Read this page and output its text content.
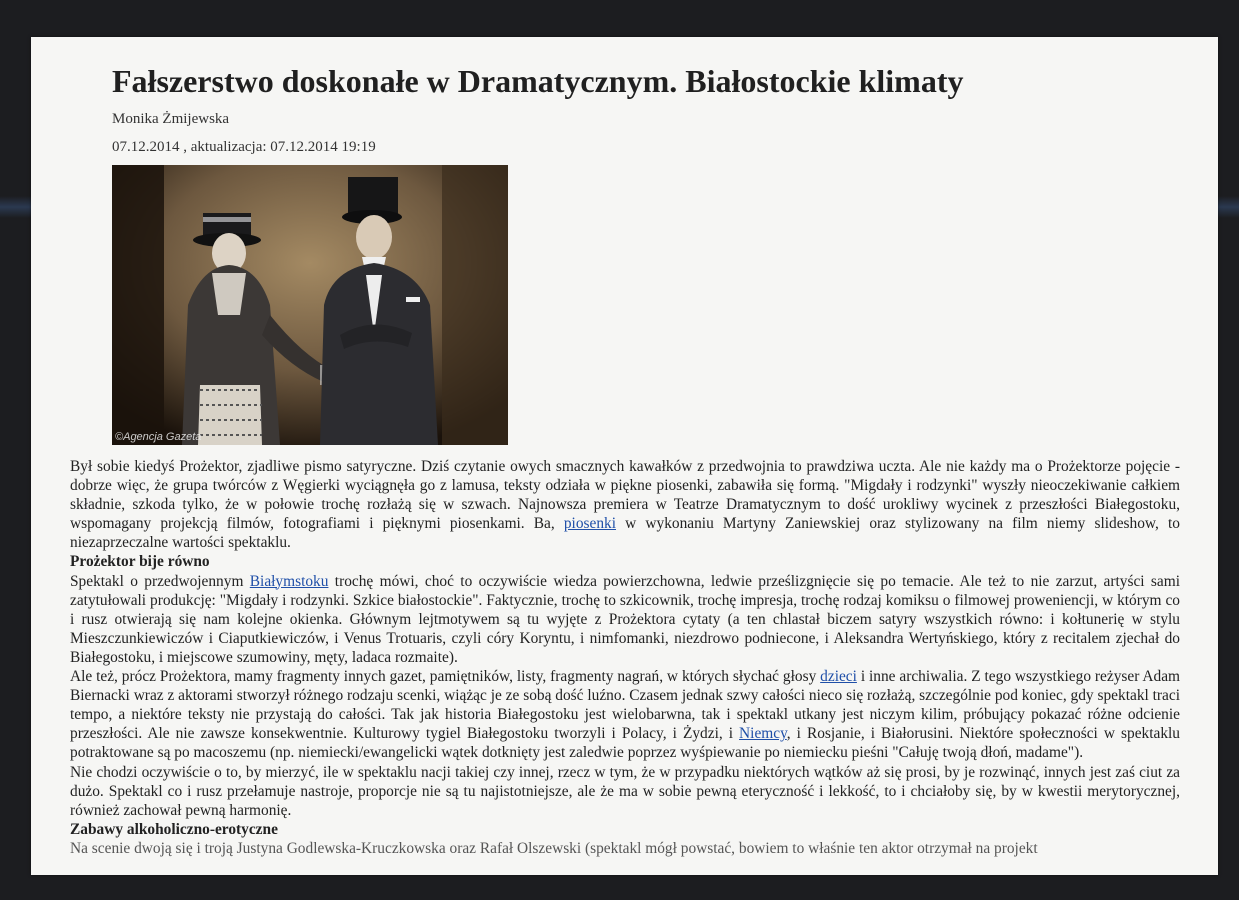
Fałszerstwo doskonałe w Dramatycznym. Białostockie klimaty
Monika Żmijewska
07.12.2014 , aktualizacja: 07.12.2014 19:19
©Agencja Gazeta

Był sobie kiedyś Prożektor, zjadliwe pismo satyryczne. Dziś czytanie owych smacznych kawałków z przedwojnia to prawdziwa uczta. Ale nie każdy ma o Prożektorze pojęcie - dobrze więc, że grupa twórców z Węgierki wyciągnęła go z lamusa, teksty odziała w piękne piosenki, zabawiła się formą. "Migdały i rodzynki" wyszły nieoczekiwanie całkiem składnie, szkoda tylko, że w połowie trochę rozłażą się w szwach. Najnowsza premiera w Teatrze Dramatycznym to dość urokliwy wycinek z przeszłości Białegostoku, wspomagany projekcją filmów, fotografiami i pięknymi piosenkami. Ba, piosenki w wykonaniu Martyny Zaniewskiej oraz stylizowany na film niemy slideshow, to niezaprzeczalne wartości spektaklu.

Prożektor bije równo

Spektakl o przedwojennym Białymstoku trochę mówi, choć to oczywiście wiedza powierzchowna, ledwie prześlizgnięcie się po temacie. Ale też to nie zarzut, artyści sami zatytułowali produkcję: "Migdały i rodzynki. Szkice białostockie". Faktycznie, trochę to szkicownik, trochę impresja, trochę rodzaj komiksu o filmowej proweniencji, w którym co i rusz otwierają się nam kolejne okienka. Głównym lejtmotywem są tu wyjęte z Prożektora cytaty (a ten chlastał biczem satyry wszystkich równo: i kołtunerię w stylu Mieszczunkiewiczów i Ciaputkiewiczów, i Venus Trotuaris, czyli córy Koryntu, i nimfomanki, niezdrowo podniecone, i Aleksandra Wertyńskiego, który z recitalem zjechał do Białegostoku, i miejscowe szumowiny, męty, ladaca rozmaite).

Ale też, prócz Prożektora, mamy fragmenty innych gazet, pamiętników, listy, fragmenty nagrań, w których słychać głosy dzieci i inne archiwalia. Z tego wszystkiego reżyser Adam Biernacki wraz z aktorami stworzył różnego rodzaju scenki, wiążąc je ze sobą dość luźno. Czasem jednak szwy całości nieco się rozłażą, szczególnie pod koniec, gdy spektakl traci tempo, a niektóre teksty nie przystają do całości. Tak jak historia Białegostoku jest wielobarwna, tak i spektakl utkany jest niczym kilim, próbujący pokazać różne odcienie przeszłości. Ale nie zawsze konsekwentnie. Kulturowy tygiel Białegostoku tworzyli i Polacy, i Żydzi, i Niemcy, i Rosjanie, i Białorusini. Niektóre społeczności w spektaklu potraktowane są po macoszemu (np. niemiecki/ewangelicki wątek dotknięty jest zaledwie poprzez wyśpiewanie po niemiecku pieśni "Całuję twoją dłoń, madame").

Nie chodzi oczywiście o to, by mierzyć, ile w spektaklu nacji takiej czy innej, rzecz w tym, że w przypadku niektórych wątków aż się prosi, by je rozwinąć, innych jest zaś ciut za dużo. Spektakl co i rusz przełamuje nastroje, proporcje nie są tu najistotniejsze, ale że ma w sobie pewną eteryczność i lekkość, to i chciałoby się, by w kwestii merytorycznej, również zachował pewną harmonię.

Zabawy alkoholiczno-erotyczne

Na scenie dwoją się i troją Justyna Godlewska-Kruczkowska oraz Rafał Olszewski (spektakl mógł powstać, bowiem to właśnie ten aktor otrzymał na projekt
